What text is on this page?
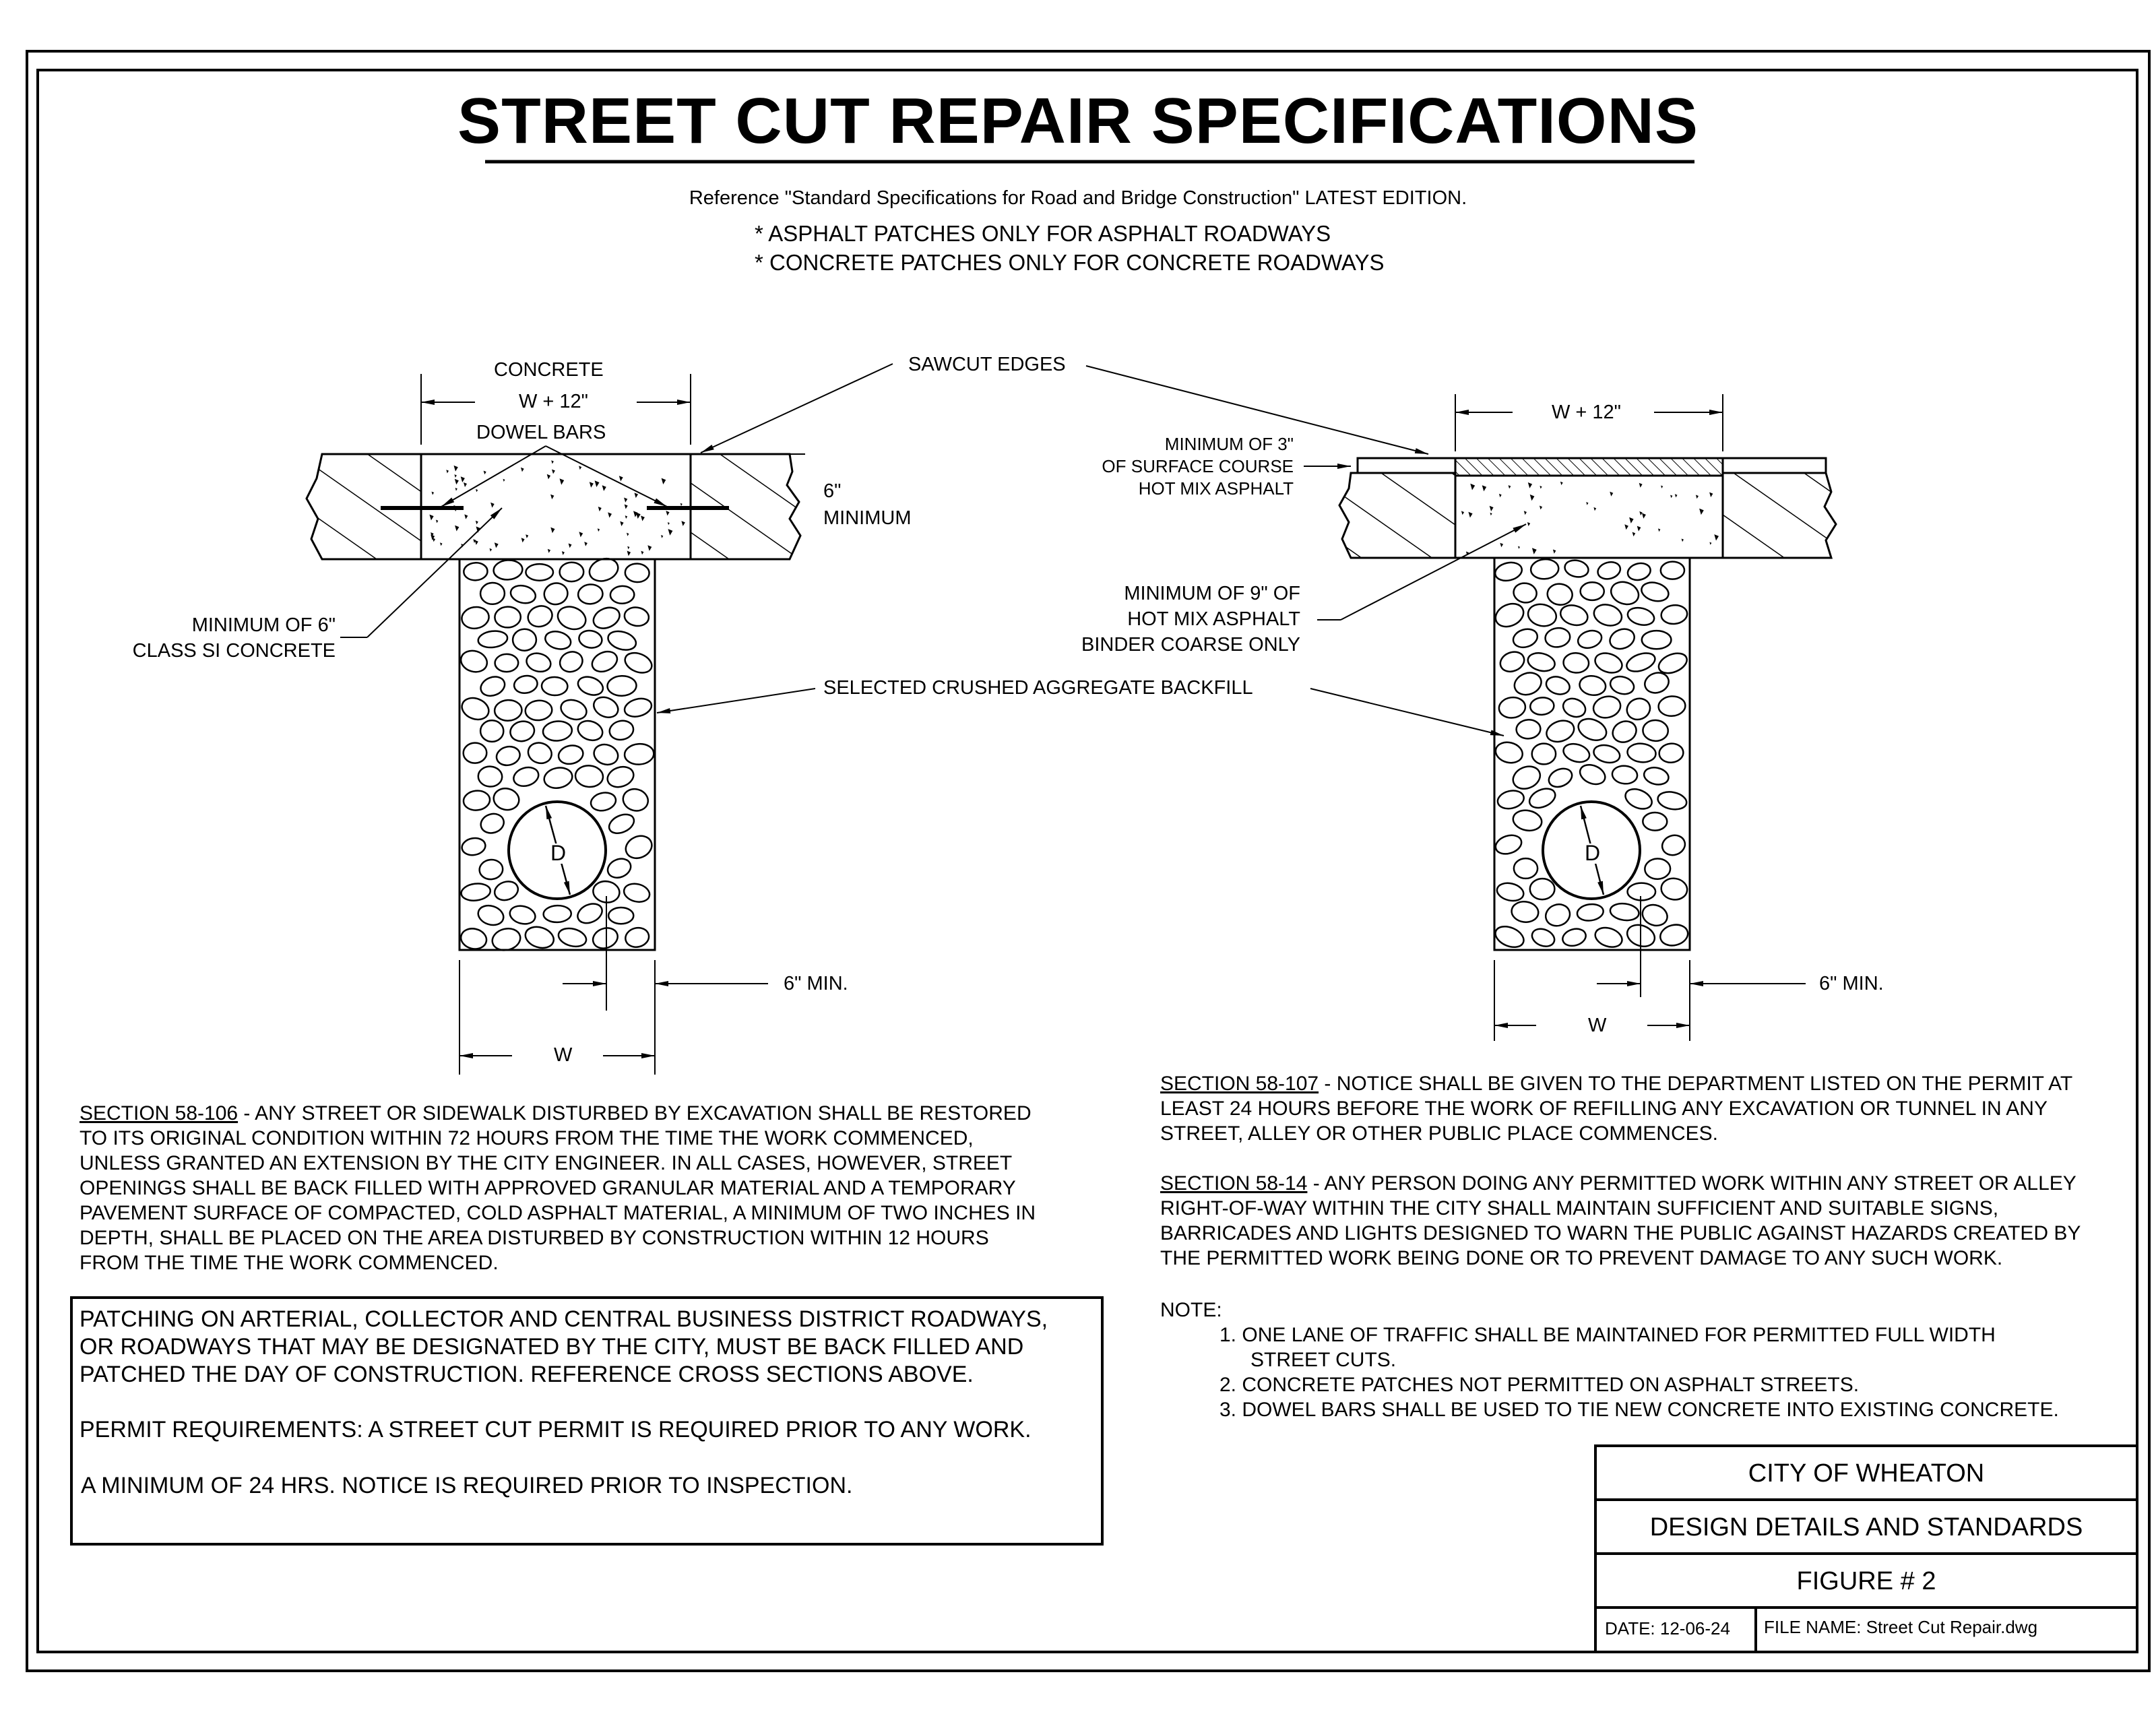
STREET CUT REPAIR SPECIFICATIONS
Reference "Standard Specifications for Road and Bridge Construction" LATEST EDITION.
* ASPHALT PATCHES ONLY FOR ASPHALT ROADWAYS
* CONCRETE PATCHES ONLY FOR CONCRETE ROADWAYS
CONCRETE
W + 12"
DOWEL BARS
SAWCUT EDGES
6"
MINIMUM
MINIMUM OF 6"
CLASS SI CONCRETE
D
6" MIN.
W
SELECTED CRUSHED AGGREGATE BACKFILL
W + 12"
MINIMUM OF 3"
OF SURFACE COURSE
HOT MIX ASPHALT
MINIMUM OF 9" OF
HOT MIX ASPHALT
BINDER COARSE ONLY
D
6" MIN.
W

SECTION 58-106 - ANY STREET OR SIDEWALK DISTURBED BY EXCAVATION SHALL BE RESTORED

TO ITS ORIGINAL CONDITION WITHIN 72 HOURS FROM THE TIME THE WORK COMMENCED,

UNLESS GRANTED AN EXTENSION BY THE CITY ENGINEER. IN ALL CASES, HOWEVER, STREET

OPENINGS SHALL BE BACK FILLED WITH APPROVED GRANULAR MATERIAL AND A TEMPORARY

PAVEMENT SURFACE OF COMPACTED, COLD ASPHALT MATERIAL, A MINIMUM OF TWO INCHES IN

DEPTH, SHALL BE PLACED ON THE AREA DISTURBED BY CONSTRUCTION WITHIN 12 HOURS

FROM THE TIME THE WORK COMMENCED.

SECTION 58-107 - NOTICE SHALL BE GIVEN TO THE DEPARTMENT LISTED ON THE PERMIT AT

LEAST 24 HOURS BEFORE THE WORK OF REFILLING ANY EXCAVATION OR TUNNEL IN ANY

STREET, ALLEY OR OTHER PUBLIC PLACE COMMENCES.

SECTION 58-14 - ANY PERSON DOING ANY PERMITTED WORK WITHIN ANY STREET OR ALLEY

RIGHT-OF-WAY WITHIN THE CITY SHALL MAINTAIN SUFFICIENT AND SUITABLE SIGNS,

BARRICADES AND LIGHTS DESIGNED TO WARN THE PUBLIC AGAINST HAZARDS CREATED BY

THE PERMITTED WORK BEING DONE OR TO PREVENT DAMAGE TO ANY SUCH WORK.

PATCHING ON ARTERIAL, COLLECTOR AND CENTRAL BUSINESS DISTRICT ROADWAYS,
OR ROADWAYS THAT MAY BE DESIGNATED BY THE CITY, MUST BE BACK FILLED AND
PATCHED THE DAY OF CONSTRUCTION. REFERENCE CROSS SECTIONS ABOVE.
PERMIT REQUIREMENTS: A STREET CUT PERMIT IS REQUIRED PRIOR TO ANY WORK.
A MINIMUM OF 24 HRS. NOTICE IS REQUIRED PRIOR TO INSPECTION.
NOTE:
1. ONE LANE OF TRAFFIC SHALL BE MAINTAINED FOR PERMITTED FULL WIDTH
STREET CUTS.
2. CONCRETE PATCHES NOT PERMITTED ON ASPHALT STREETS.
3. DOWEL BARS SHALL BE USED TO TIE NEW CONCRETE INTO EXISTING CONCRETE.
CITY OF WHEATON
DESIGN DETAILS AND STANDARDS
FIGURE # 2
DATE: 12-06-24 FILE NAME: Street Cut Repair.dwg
